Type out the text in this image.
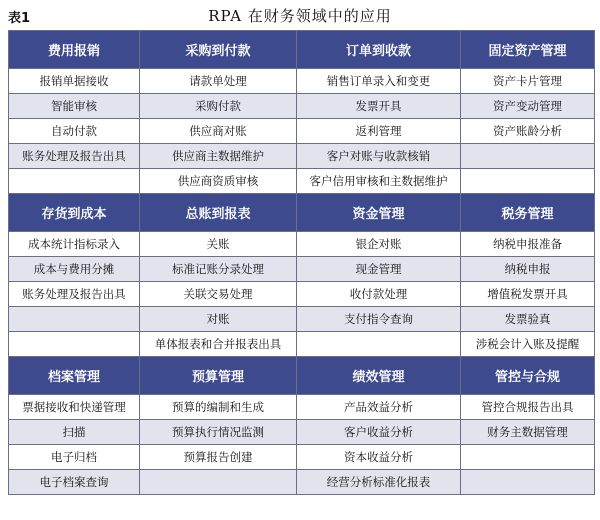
表1	RPA 在财务领域中的应用
费用报销	采购到付款	订单到收款	固定资产管理
报销单据接收	请款单处理	销售订单录入和变更	资产卡片管理
智能审核	采购付款	发票开具	资产变动管理
自动付款	供应商对账	返利管理	资产账龄分析
账务处理及报告出具	供应商主数据维护	客户对账与收款核销	
	供应商资质审核	客户信用审核和主数据维护	
存货到成本	总账到报表	资金管理	税务管理
成本统计指标录入	关账	银企对账	纳税申报准备
成本与费用分摊	标准记账分录处理	现金管理	纳税申报
账务处理及报告出具	关联交易处理	收付款处理	增值税发票开具
	对账	支付指令查询	发票验真
	单体报表和合并报表出具		涉税会计入账及提醒
档案管理	预算管理	绩效管理	管控与合规
票据接收和快递管理	预算的编制和生成	产品效益分析	管控合规报告出具
扫描	预算执行情况监测	客户收益分析	财务主数据管理
电子归档	预算报告创建	资本收益分析	
电子档案查询		经营分析标准化报表	
